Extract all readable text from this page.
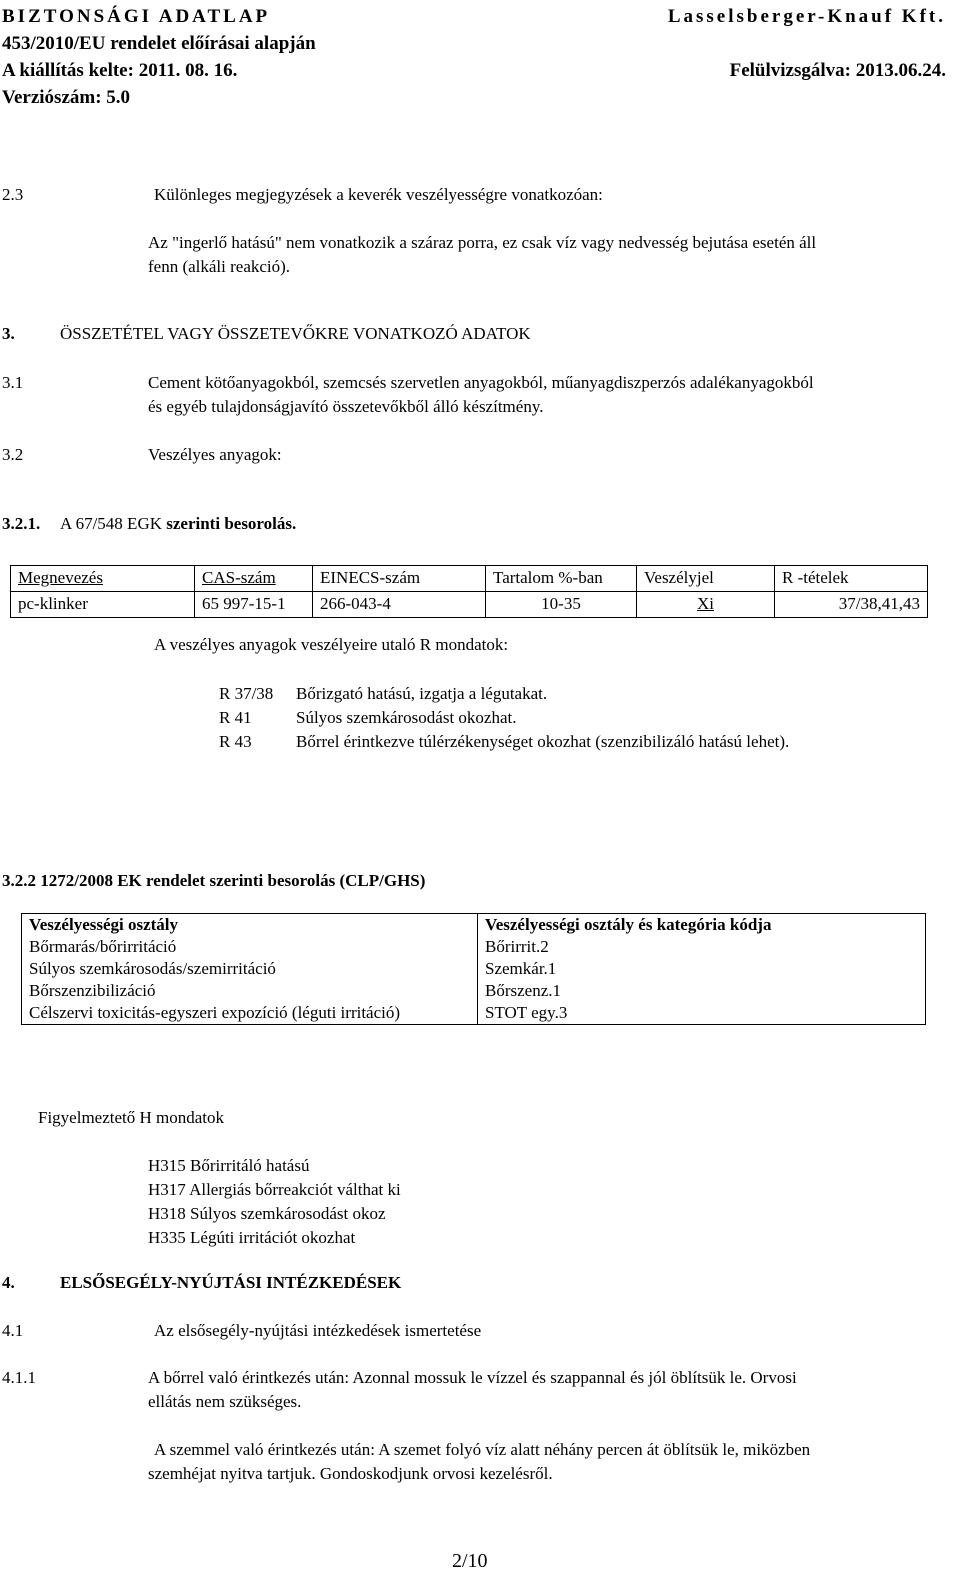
BIZTONSÁGI ADATLAP	Lasselsberger-Knauf Kft.
453/2010/EU rendelet előírásai alapján
A kiállítás kelte: 2011. 08. 16.	Felülvizsgálva: 2013.06.24.
Verziószám: 5.0
2.3	Különleges megjegyzések a keverék veszélyességre vonatkozóan:
Az "ingerlő hatású" nem vonatkozik a száraz porra, ez csak víz vagy nedvesség bejutása esetén áll
fenn (alkáli reakció).
3.	ÖSSZETÉTEL VAGY ÖSSZETEVŐKRE VONATKOZÓ ADATOK
3.1	Cement kötőanyagokból, szemcsés szervetlen anyagokból, műanyagdiszperzós adalékanyagokból
és egyéb tulajdonságjavító összetevőkből álló készítmény.
3.2	Veszélyes anyagok:
3.2.1. A 67/548 EGK szerinti besorolás.
Megnevezés	CAS-szám	EINECS-szám	Tartalom %-ban	Veszélyjel	R -tételek
pc-klinker	65 997-15-1	266-043-4	10-35	Xi	37/38,41,43
A veszélyes anyagok veszélyeire utaló R mondatok:
R 37/38 Bőrizgató hatású, izgatja a légutakat.
R 41	Súlyos szemkárosodást okozhat.
R 43	Bőrrel érintkezve túlérzékenységet okozhat (szenzibilizáló hatású lehet).
3.2.2 1272/2008 EK rendelet szerinti besorolás (CLP/GHS)
Veszélyességi osztály	Veszélyességi osztály és kategória kódja
Bőrmarás/bőrirritáció	Bőrirrit.2
Súlyos szemkárosodás/szemirritáció	Szemkár.1
Bőrszenzibilizáció	Bőrszenz.1
Célszervi toxicitás-egyszeri expozíció (léguti irritáció)	STOT egy.3
Figyelmeztető H mondatok
H315 Bőrirritáló hatású
H317 Allergiás bőrreakciót válthat ki
H318 Súlyos szemkárosodást okoz
H335 Légúti irritációt okozhat
4.	ELSŐSEGÉLY-NYÚJTÁSI INTÉZKEDÉSEK
4.1	Az elsősegély-nyújtási intézkedések ismertetése
4.1.1	A bőrrel való érintkezés után: Azonnal mossuk le vízzel és szappannal és jól öblítsük le. Orvosi
ellátás nem szükséges.
A szemmel való érintkezés után: A szemet folyó víz alatt néhány percen át öblítsük le, miközben
szemhéjat nyitva tartjuk. Gondoskodjunk orvosi kezelésről.
2/10
